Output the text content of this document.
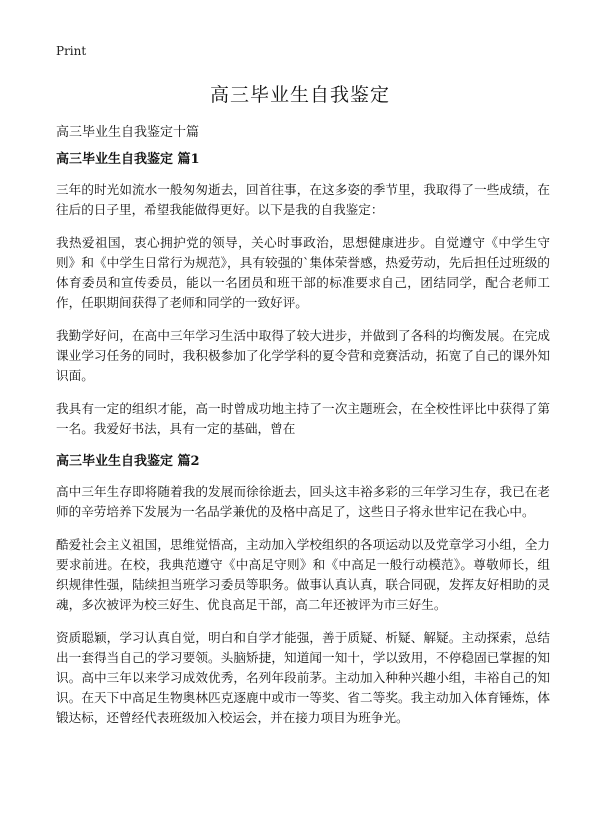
Print
高三毕业生自我鉴定
高三毕业生自我鉴定十篇
高三毕业生自我鉴定 篇1

三年的时光如流水一般匆匆逝去，回首往事，在这多姿的季节里，我取得了一些成绩，在往后的日子里，希望我能做得更好。以下是我的自我鉴定：

我热爱祖国，衷心拥护党的领导，关心时事政治，思想健康进步。自觉遵守《中学生守则》和《中学生日常行为规范》，具有较强的`集体荣誉感，热爱劳动，先后担任过班级的体育委员和宣传委员，能以一名团员和班干部的标准要求自己，团结同学，配合老师工作，任职期间获得了老师和同学的一致好评。

我勤学好问，在高中三年学习生活中取得了较大进步，并做到了各科的均衡发展。在完成课业学习任务的同时，我积极参加了化学学科的夏令营和竞赛活动，拓宽了自己的课外知识面。

我具有一定的组织才能，高一时曾成功地主持了一次主题班会，在全校性评比中获得了第一名。我爱好书法，具有一定的基础，曾在

高三毕业生自我鉴定 篇2

高中三年生存即将随着我的发展而徐徐逝去，回头这丰裕多彩的三年学习生存，我已在老师的辛劳培养下发展为一名品学兼优的及格中高足了，这些日子将永世牢记在我心中。

酷爱社会主义祖国，思维觉悟高，主动加入学校组织的各项运动以及党章学习小组，全力要求前进。在校，我典范遵守《中高足守则》和《中高足一般行动模范》。尊敬师长，组织规律性强，陆续担当班学习委员等职务。做事认真认真，联合同砚，发挥友好相助的灵魂，多次被评为校三好生、优良高足干部，高二年还被评为市三好生。

资质聪颖，学习认真自觉，明白和自学才能强，善于质疑、析疑、解疑。主动探索，总结出一套得当自己的学习要领。头脑矫捷，知道闻一知十，学以致用，不停稳固已掌握的知识。高中三年以来学习成效优秀，名列年段前茅。主动加入种种兴趣小组，丰裕自己的知识。在天下中高足生物奥林匹克逐鹿中或市一等奖、省二等奖。我主动加入体育锤炼，体锻达标，还曾经代表班级加入校运会，并在接力项目为班争光。
